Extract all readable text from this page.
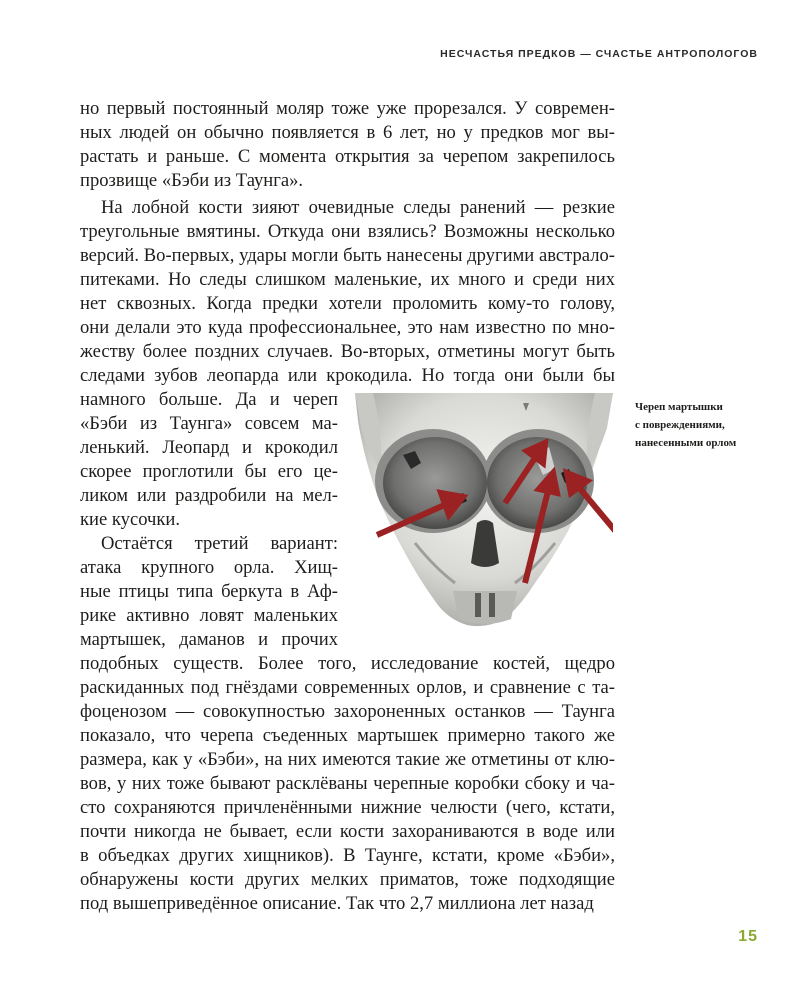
НЕСЧАСТЬЯ ПРЕДКОВ — СЧАСТЬЕ АНТРОПОЛОГОВ
но первый постоянный моляр тоже уже прорезался. У современ-
ных людей он обычно появляется в 6 лет, но у предков мог вы-
растать и раньше. С момента открытия за черепом закрепилось
прозвище «Бэби из Таунга».
На лобной кости зияют очевидные следы ранений — резкие
треугольные вмятины. Откуда они взялись? Возможны несколько
версий. Во-первых, удары могли быть нанесены другими австрало-
питеками. Но следы слишком маленькие, их много и среди них
нет сквозных. Когда предки хотели проломить кому-то голову,
они делали это куда профессиональнее, это нам известно по мно-
жеству более поздних случаев. Во-вторых, отметины могут быть
следами зубов леопарда или крокодила. Но тогда они были бы
намного больше. Да и череп
«Бэби из Таунга» совсем ма-
ленький. Леопард и крокодил
скорее проглотили бы его це-
ликом или раздробили на мел-
кие кусочки.
Остаётся третий вариант:
атака крупного орла. Хищ-
ные птицы типа беркута в Аф-
рике активно ловят маленьких
мартышек, даманов и прочих
подобных существ. Более того, исследование костей, щедро
раскиданных под гнёздами современных орлов, и сравнение с та-
фоценозом — совокупностью захороненных останков — Таунга
показало, что черепа съеденных мартышек примерно такого же
размера, как у «Бэби», на них имеются такие же отметины от клю-
вов, у них тоже бывают расклёваны черепные коробки сбоку и ча-
сто сохраняются причленёнными нижние челюсти (чего, кстати,
почти никогда не бывает, если кости захораниваются в воде или
в объедках других хищников). В Таунге, кстати, кроме «Бэби»,
обнаружены кости других мелких приматов, тоже подходящие
под вышеприведённое описание. Так что 2,7 миллиона лет назад
Череп мартышки
с повреждениями,
нанесенными орлом
15
